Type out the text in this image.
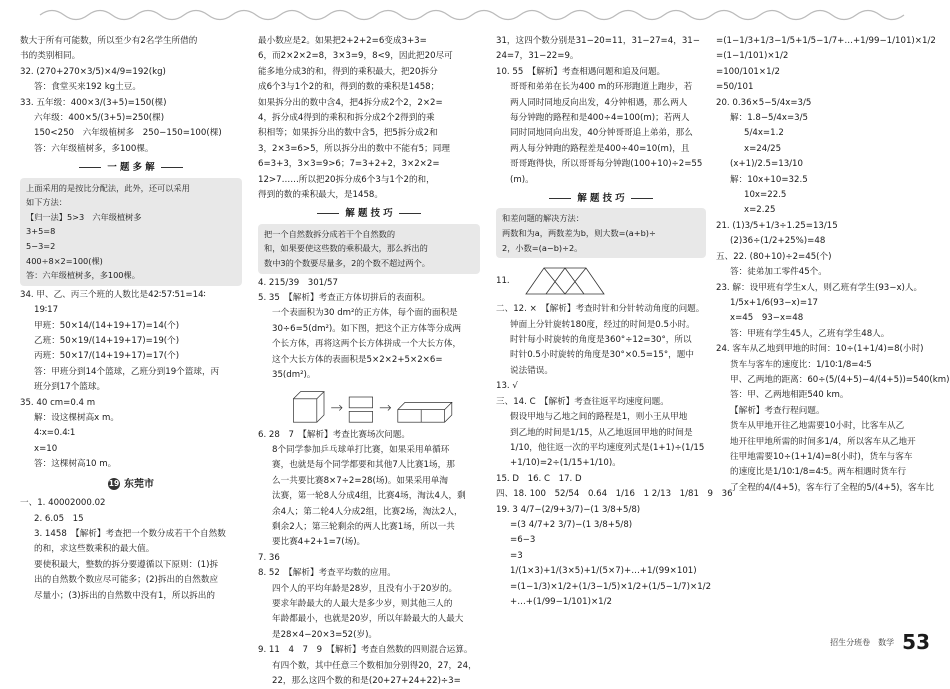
数大于所有可能数，所以至少有2名学生所借的

书的类别相同。

32. (270+270×3/5)×4/9=192(kg)

答：食堂买来192 kg土豆。

33. 五年级：400×3/(3+5)=150(棵)

六年级：400×5/(3+5)=250(棵)

150<250　六年级植树多　250−150=100(棵)

答：六年级植树多，多100棵。

一 题 多 解

上面采用的是按比分配法，此外，还可以采用

如下方法：

【归一法】5>3　六年级植树多

3+5=8

5−3=2

400÷8×2=100(棵)

答：六年级植树多，多100棵。

34. 甲、乙、丙三个班的人数比是42∶57∶51=14∶

19∶17

甲班：50×14/(14+19+17)=14(个)

乙班：50×19/(14+19+17)=19(个)

丙班：50×17/(14+19+17)=17(个)

答：甲班分到14个篮球，乙班分到19个篮球，丙

班分到17个篮球。

35. 40 cm=0.4 m

解：设这棵树高x m。

4∶x=0.4∶1

x=10

答：这棵树高10 m。

19 东莞市

一、1. 40002000.02

2. 6.05　15

3. 1458　【解析】考查把一个数分成若干个自然数

的和，求这些数乘积的最大值。

要使积最大，整数的拆分要遵循以下原则：(1)拆

出的自然数个数应尽可能多；(2)拆出的自然数应

尽量小；(3)拆出的自然数中没有1，所以拆出的

最小数应是2。如果把2+2+2=6变成3+3=

6，而2×2×2=8，3×3=9，8<9，因此把20尽可

能多地分成3的和，得到的乘积最大，把20拆分

成6个3与1个2的和，得到的数的乘积是1458；

如果拆分出的数中含4，把4拆分成2个2，2×2=

4，拆分成4得到的乘积和拆分成2个2得到的乘

积相等；如果拆分出的数中含5，把5拆分成2和

3，2×3=6>5，所以拆分出的数中不能有5；同理

6=3+3，3×3=9>6；7=3+2+2，3×2×2=

12>7……所以把20拆分成6个3与1个2的和，

得到的数的乘积最大，是1458。

解 题 技 巧

把一个自然数拆分成若干个自然数的

和，如果要使这些数的乘积最大，那么拆出的

数中3的个数要尽量多，2的个数不超过两个。

4. 215/39　301/57

5. 35　【解析】考查正方体切拼后的表面积。

一个表面积为30 dm²的正方体，每个面的面积是

30÷6=5(dm²)。如下图，把这个正方体等分成两

个长方体，再将这两个长方体拼成一个大长方体，

这个大长方体的表面积是5×2×2+5×2×6=

35(dm²)。

6. 28　7　【解析】考查比赛场次问题。

8个同学参加乒乓球单打比赛，如果采用单循环

赛，也就是每个同学都要和其他7人比赛1场，那

么一共要比赛8×7÷2=28(场)。如果采用单淘

汰赛，第一轮8人分成4组，比赛4场，淘汰4人，剩

余4人；第二轮4人分成2组，比赛2场，淘汰2人，

剩余2人；第三轮剩余的两人比赛1场，所以一共

要比赛4+2+1=7(场)。

7. 36

8. 52　【解析】考查平均数的应用。

四个人的平均年龄是28岁，且没有小于20岁的。

要求年龄最大的人最大是多少岁，则其他三人的

年龄都最小，也就是20岁，所以年龄最大的人最大

是28×4−20×3=52(岁)。

9. 11　4　7　9　【解析】考查自然数的四则混合运算。

有四个数，其中任意三个数相加分别得20，27，24，

22，那么这四个数的和是(20+27+24+22)÷3=

31，这四个数分别是31−20=11，31−27=4，31−

24=7，31−22=9。

10. 55　【解析】考查相遇问题和追及问题。

哥哥和弟弟在长为400 m的环形跑道上跑步，若

两人同时同地反向出发，4分钟相遇，那么两人

每分钟跑的路程和是400÷4=100(m)；若两人

同时同地同向出发，40分钟哥哥追上弟弟，那么

两人每分钟跑的路程差是400÷40=10(m)，且

哥哥跑得快，所以哥哥每分钟跑(100+10)÷2=55

(m)。

解 题 技 巧

和差问题的解决方法：

两数和为a，两数差为b，则大数=(a+b)÷

2，小数=(a−b)÷2。

11.

二、12. ×　【解析】考查时针和分针转动角度的问题。

钟面上分针旋转180度，经过的时间是0.5小时。

时针每小时旋转的角度是360°÷12=30°，所以

时针0.5小时旋转的角度是30°×0.5=15°，题中

说法错误。

13. √

三、14. C　【解析】考查往返平均速度问题。

假设甲地与乙地之间的路程是1，则小王从甲地

到乙地的时间是1/15，从乙地返回甲地的时间是

1/10，他往返一次的平均速度列式是(1+1)÷(1/15

+1/10)=2÷(1/15+1/10)。

15. D　16. C　17. D

四、18. 100　52/54　0.64　1/16　1 2/13　1/81　9　36

19. 3 4/7−(2/9+3/7)−(1 3/8+5/8)

=(3 4/7+2 3/7)−(1 3/8+5/8)

=6−3

=3

1/(1×3)+1/(3×5)+1/(5×7)+…+1/(99×101)

=(1−1/3)×1/2+(1/3−1/5)×1/2+(1/5−1/7)×1/2

+…+(1/99−1/101)×1/2

=(1−1/3+1/3−1/5+1/5−1/7+…+1/99−1/101)×1/2

=(1−1/101)×1/2

=100/101×1/2

=50/101

20. 0.36×5−5/4x=3/5

解：1.8−5/4x=3/5

5/4x=1.2

x=24/25

(x+1)/2.5=13/10

解：10x+10=32.5

10x=22.5

x=2.25

21. (1)3/5+1/3÷1.25=13/15

(2)36÷(1/2+25%)=48

五、22. (80+10)÷2=45(个)

答：徒弟加工零件45个。

23. 解：设甲班有学生x人，则乙班有学生(93−x)人。

1/5x+1/6(93−x)=17

x=45　93−x=48

答：甲班有学生45人，乙班有学生48人。

24. 客车从乙地到甲地的时间：10÷(1+1/4)=8(小时)

货车与客车的速度比：1/10∶1/8=4∶5

甲、乙两地的距离：60÷(5/(4+5)−4/(4+5))=540(km)

答：甲、乙两地相距540 km。

【解析】考查行程问题。

货车从甲地开往乙地需要10小时，比客车从乙

地开往甲地所需的时间多1/4，所以客车从乙地开

往甲地需要10÷(1+1/4)=8(小时)，货车与客车

的速度比是1/10∶1/8=4∶5。两车相遇时货车行

了全程的4/(4+5)，客车行了全程的5/(4+5)，客车比

招生分班卷　数学 53
